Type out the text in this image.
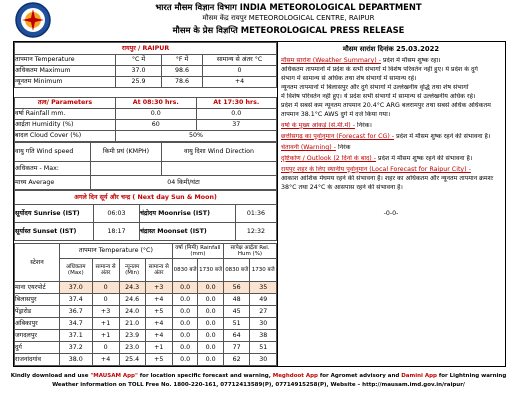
भारत मौसम विज्ञान विभाग INDIA METEOROLOGICAL DEPARTMENT
मौसम केंद्र रायपुर METEOROLOGICAL CENTRE, RAIPUR
मौसम के प्रेस विज्ञप्ति METEOROLOGICAL PRESS RELEASE
रायपुर / RAIPUR			
तापमान Temperature	°C में	°F में	सामान्य से अंतर °C
अधिकतम Maximum	37.0	98.6	0
न्यूनतम Minimum	25.9	78.6	+4
तत्व/ Parameters	At 08:30 hrs.	At 17:30 hrs.
वर्षा Rainfall mm.	0.0	0.0
आर्द्रता Humidity (%)	60	37
बादल Cloud Cover (%)	50%	
वायु गति Wind speed	किमी प्रघं (KMPH)	वायु दिशा Wind Direction
अधिकतम - Max:		
माध्य Average	04 किमी/घंटा	
अगले दिन सूर्य और चन्द्र ( Next day Sun & Moon)			
सूर्योदय Sunrise (IST)	06:03	चंद्रोदय Moonrise (IST)	01:36
सूर्यास्त Sunset (IST)	18:17	चंद्रास्त Moonset (IST)	12:32
स्टेशन	तापमान Temperature (°C)				वर्षा (मिमी) Rainfall (mm)		सापेक्ष आर्द्रता Rel. Hum (%)	
	अधिकतम (Max)	सामान्य से अंतर	न्यूनतम (Min)	सामान्य से अंतर	0830 बजे	1730 बजे	0830 बजे	1730 बजे
माना एयरपोर्ट	37.0	0	24.3	+3	0.0	0.0	56	35
बिलासपुर	37.4	0	24.6	+4	0.0	0.0	48	49
पेंड्रारोड	36.7	+3	24.0	+5	0.0	0.0	45	27
अंबिकापुर	34.7	+1	21.0	+4	0.0	0.0	51	30
जगदलपुर	37.1	+1	23.9	+4	0.0	0.0	64	38
दुर्ग	37.2	0	23.0	+1	0.0	0.0	77	51
राजनांदगांव	38.0	+4	25.4	+5	0.0	0.0	62	30
मौसम सारांश दिनांक 25.03.2022
मौसम सारांश (Weather Summary) - प्रदेश में मौसम शुष्क रहा।
अधिकतम तापमानों में प्रदेश के सभी संभागों में विशेष परिवर्तन नहीं हुए। ये प्रदेश के दुर्ग
संभाग में सामान्य से अधिक तथा शेष संभागों में सामान्य रहे।
न्यूनतम तापमानों में बिलासपुर और दुर्ग संभागों में उल्लेखनीय वृद्धि तथा शेष संभागों
में विशेष परिवर्तन नहीं हुए। ये प्रदेश सभी संभागों में सामान्य से उल्लेखनीय अधिक रहे।
प्रदेश में सबसे कम न्यूनतम तापमान 20.4°C ARG बलरामपुर तथा सबसे अधिक अधिकतम
तापमान 38.1°C AWS दुर्ग में दर्ज किया गया।
वर्षा के मुख्य आंकड़े (से.मी.में) - निरंक।
छत्तीसगढ़ का पूर्वानुमान (Forecast for CG) - प्रदेश में मौसम शुष्क रहने की संभावना है।
चेतावनी (Warning) - निरंक
दृष्टिकोण / Outlook (2 दिनों के बाद) - प्रदेश में मौसम शुष्क रहने की संभावना है।
रायपुर शहर के लिए स्थानीय पूर्वानुमान (Local Forecast for Raipur City) -
आकाश आंशिक मेघमय रहने की संभावना है। शहर का अधिकतम और न्यूनतम तापमान क्रमशः
38°C तथा 24°C के आसपास रहने की संभावना है।
-0-0-
Kindly download and use "MAUSAM App" for location specific forecast and warning, Meghdoot App for Agromet advisory and Damini App for Lightning warning
Weather information on TOLL Free No. 1800-220-161, 07712413589(P), 07714915258(P), Website – http://mausam.imd.gov.in/raipur/
